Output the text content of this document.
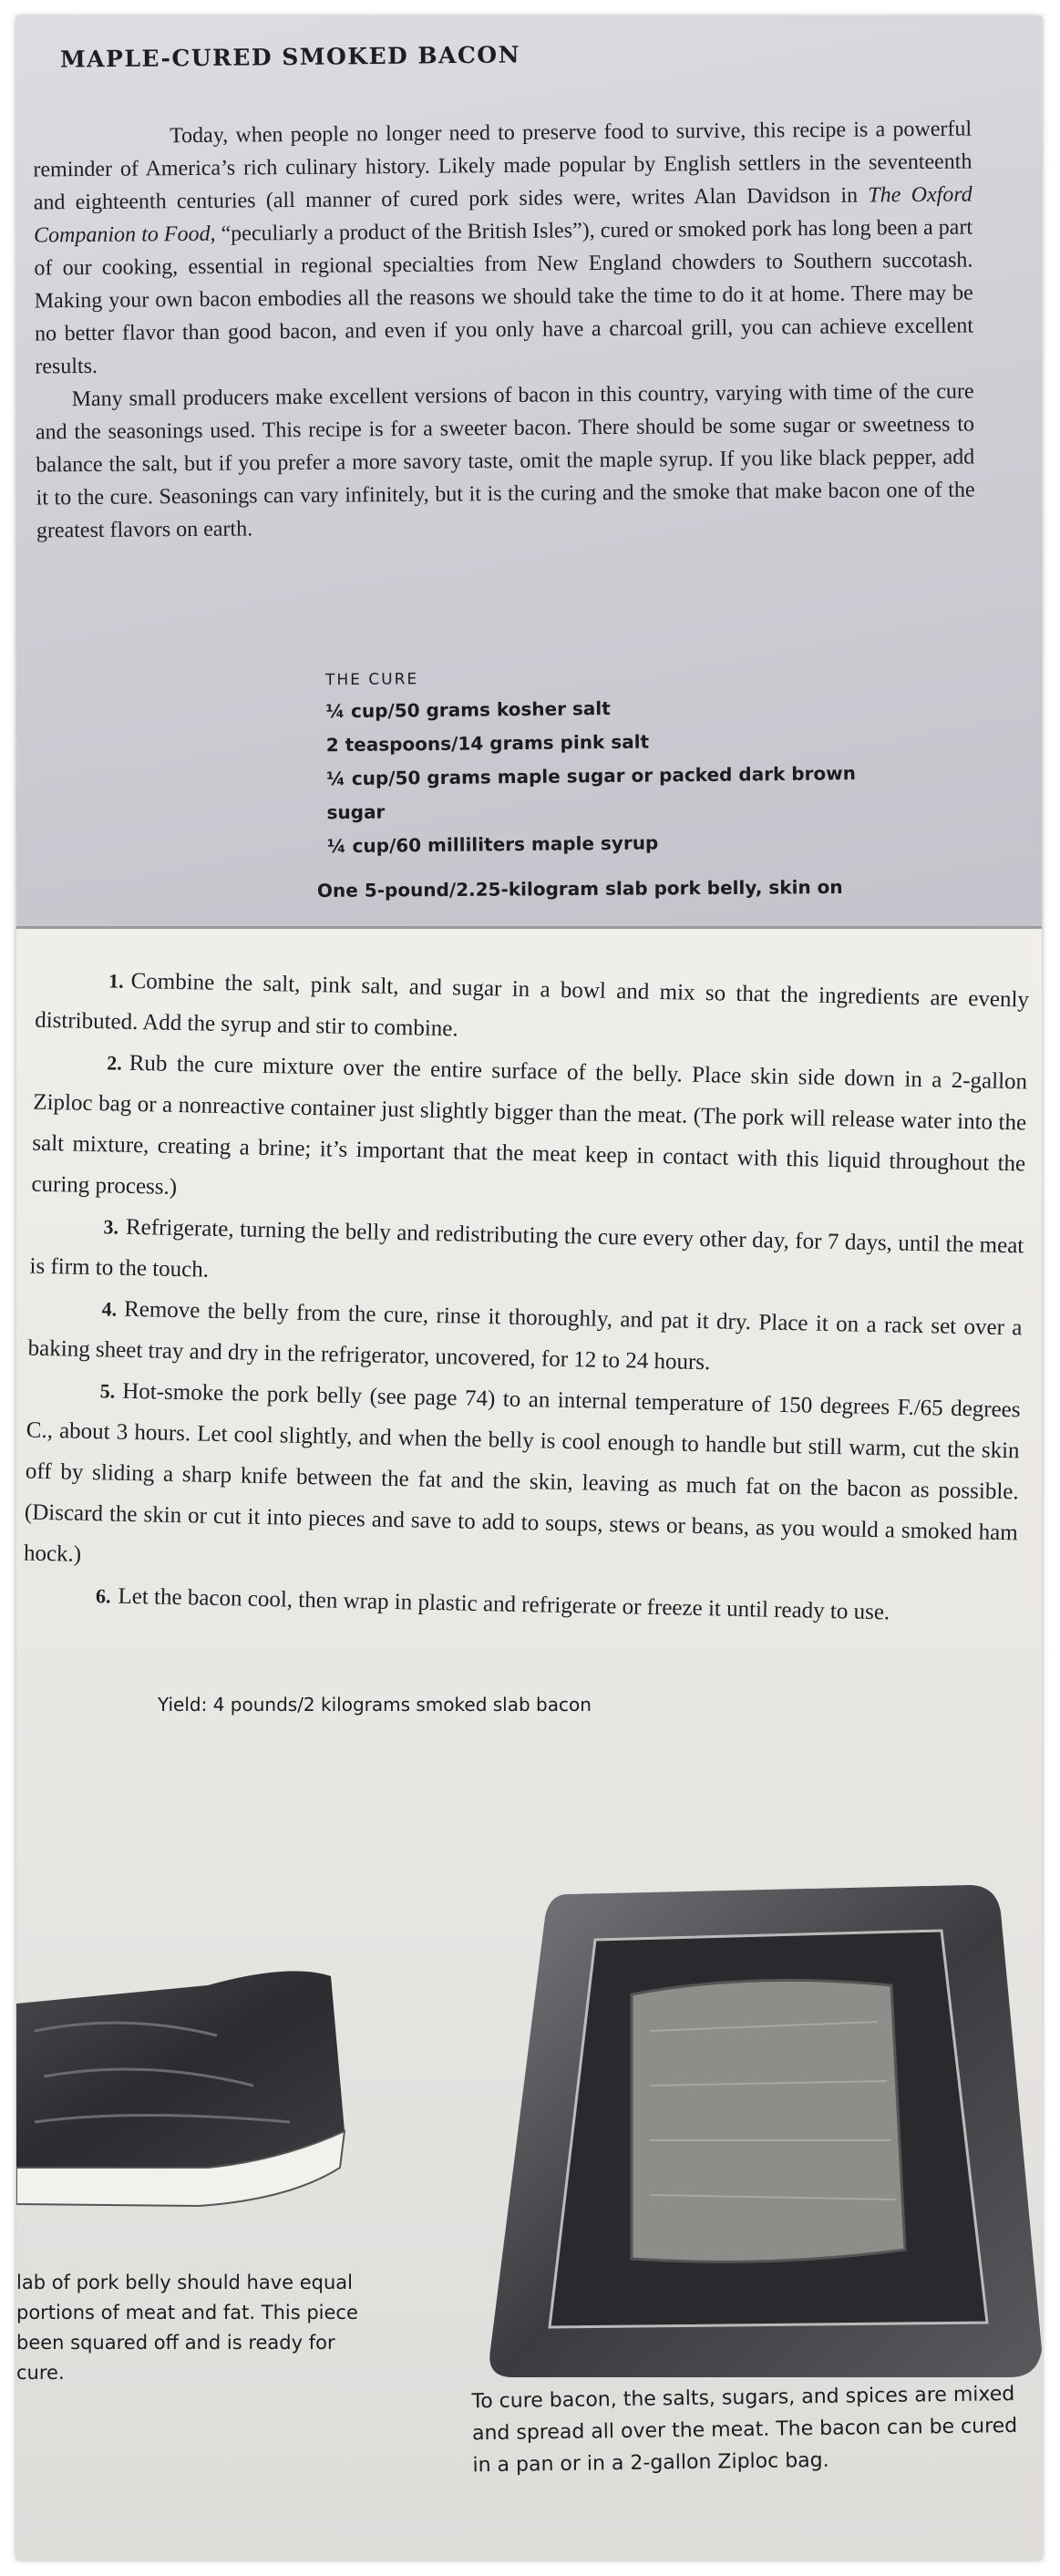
MAPLE-CURED SMOKED BACON

Today, when people no longer need to preserve food to survive, this recipe is a powerful reminder of America’s rich culinary history. Likely made popular by English settlers in the seventeenth and eighteenth centuries (all manner of cured pork sides were, writes Alan Davidson in The Oxford Companion to Food, “peculiarly a product of the British Isles”), cured or smoked pork has long been a part of our cooking, essential in regional specialties from New England chowders to Southern succotash. Making your own bacon embodies all the reasons we should take the time to do it at home. There may be no better flavor than good bacon, and even if you only have a charcoal grill, you can achieve excellent results.

Many small producers make excellent versions of bacon in this country, varying with time of the cure and the seasonings used. This recipe is for a sweeter bacon. There should be some sugar or sweetness to balance the salt, but if you prefer a more savory taste, omit the maple syrup. If you like black pepper, add it to the cure. Seasonings can vary infinitely, but it is the curing and the smoke that make bacon one of the greatest flavors on earth.

THE CURE
¼ cup/50 grams kosher salt
2 teaspoons/14 grams pink salt
¼ cup/50 grams maple sugar or packed dark brown sugar
¼ cup/60 milliliters maple syrup
One 5-pound/2.25-kilogram slab pork belly, skin on

1. Combine the salt, pink salt, and sugar in a bowl and mix so that the ingredients are evenly distributed. Add the syrup and stir to combine.

2. Rub the cure mixture over the entire surface of the belly. Place skin side down in a 2-gallon Ziploc bag or a nonreactive container just slightly bigger than the meat. (The pork will release water into the salt mixture, creating a brine; it’s important that the meat keep in contact with this liquid throughout the curing process.)

3. Refrigerate, turning the belly and redistributing the cure every other day, for 7 days, until the meat is firm to the touch.

4. Remove the belly from the cure, rinse it thoroughly, and pat it dry. Place it on a rack set over a baking sheet tray and dry in the refrigerator, uncovered, for 12 to 24 hours.

5. Hot-smoke the pork belly (see page 74) to an internal temperature of 150 degrees F./65 degrees C., about 3 hours. Let cool slightly, and when the belly is cool enough to handle but still warm, cut the skin off by sliding a sharp knife between the fat and the skin, leaving as much fat on the bacon as possible. (Discard the skin or cut it into pieces and save to add to soups, stews or beans, as you would a smoked ham hock.)

6. Let the bacon cool, then wrap in plastic and refrigerate or freeze it until ready to use.

Yield: 4 pounds/2 kilograms smoked slab bacon
lab of pork belly should have equal portions of meat and fat. This piece been squared off and is ready for cure.
To cure bacon, the salts, sugars, and spices are mixed and spread all over the meat. The bacon can be cured in a pan or in a 2-gallon Ziploc bag.
